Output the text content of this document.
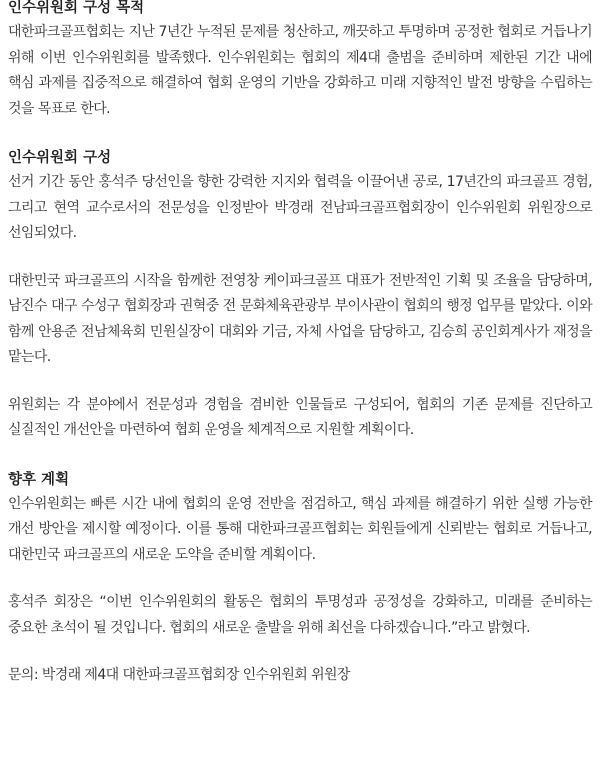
인수위원회 구성 목적

대한파크골프협회는 지난 7년간 누적된 문제를 청산하고, 깨끗하고 투명하며 공정한 협회로 거듭나기 위해 이번 인수위원회를 발족했다. 인수위원회는 협회의 제4대 출범을 준비하며 제한된 기간 내에 핵심 과제를 집중적으로 해결하여 협회 운영의 기반을 강화하고 미래 지향적인 발전 방향을 수립하는 것을 목표로 한다.

인수위원회 구성

선거 기간 동안 홍석주 당선인을 향한 강력한 지지와 협력을 이끌어낸 공로, 17년간의 파크골프 경험, 그리고 현역 교수로서의 전문성을 인정받아 박경래 전남파크골프협회장이 인수위원회 위원장으로 선임되었다.

대한민국 파크골프의 시작을 함께한 전영창 케이파크골프 대표가 전반적인 기획 및 조율을 담당하며, 남진수 대구 수성구 협회장과 권혁중 전 문화체육관광부 부이사관이 협회의 행정 업무를 맡았다. 이와 함께 안용준 전남체육회 민원실장이 대회와 기금, 자체 사업을 담당하고, 김승희 공인회계사가 재정을 맡는다.

위원회는 각 분야에서 전문성과 경험을 겸비한 인물들로 구성되어, 협회의 기존 문제를 진단하고 실질적인 개선안을 마련하여 협회 운영을 체계적으로 지원할 계획이다.

향후 계획

인수위원회는 빠른 시간 내에 협회의 운영 전반을 점검하고, 핵심 과제를 해결하기 위한 실행 가능한 개선 방안을 제시할 예정이다. 이를 통해 대한파크골프협회는 회원들에게 신뢰받는 협회로 거듭나고, 대한민국 파크골프의 새로운 도약을 준비할 계획이다.

홍석주 회장은 “이번 인수위원회의 활동은 협회의 투명성과 공정성을 강화하고, 미래를 준비하는 중요한 초석이 될 것입니다. 협회의 새로운 출발을 위해 최선을 다하겠습니다.”라고 밝혔다.

문의: 박경래 제4대 대한파크골프협회장 인수위원회 위원장
